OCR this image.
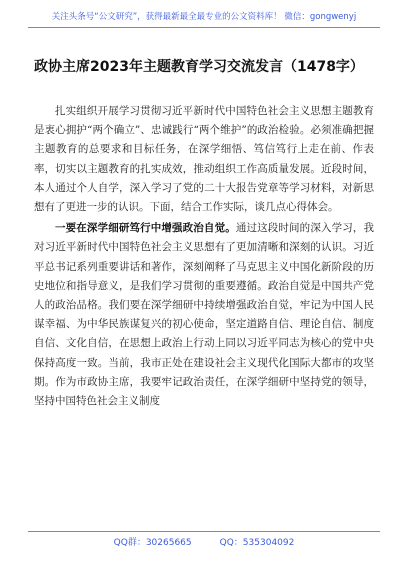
关注头条号“公文研究”，获得最新最全最专业的公文资料库！ 微信：gongwenyj
政协主席2023年主题教育学习交流发言（1478字）

扎实组织开展学习贯彻习近平新时代中国特色社会主义思想主题教育是衷心拥护“两个确立”、忠诚践行“两个维护”的政治检验。必须准确把握主题教育的总要求和目标任务，在深学细悟、笃信笃行上走在前、作表率，切实以主题教育的扎实成效，推动组织工作高质量发展。近段时间，本人通过个人自学，深入学习了党的二十大报告党章等学习材料，对新思想有了更进一步的认识。下面，结合工作实际，谈几点心得体会。

一要在深学细研笃行中增强政治自觉。通过这段时间的深入学习，我对习近平新时代中国特色社会主义思想有了更加清晰和深刻的认识。习近平总书记系列重要讲话和著作，深刻阐释了马克思主义中国化新阶段的历史地位和指导意义，是我们学习贯彻的重要遵循。政治自觉是中国共产党人的政治品格。我们要在深学细研中持续增强政治自觉，牢记为中国人民谋幸福、为中华民族谋复兴的初心使命，坚定道路自信、理论自信、制度自信、文化自信，在思想上政治上行动上同以习近平同志为核心的党中央保持高度一致。当前，我市正处在建设社会主义现代化国际大都市的攻坚期。作为市政协主席，我要牢记政治责任，在深学细研中坚持党的领导，坚持中国特色社会主义制度

QQ群：30265665	QQ：535304092
